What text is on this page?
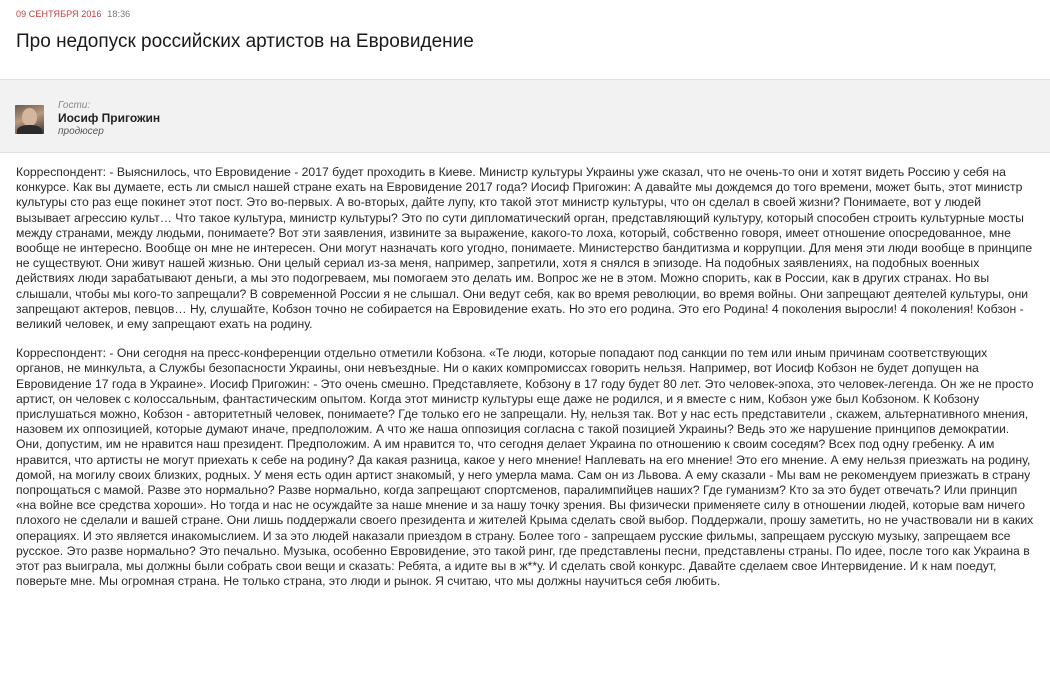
09 СЕНТЯБРЯ 2016 18:36
Про недопуск российских артистов на Евровидение
Гости:
Иосиф Пригожин
продюсер

Корреспондент: - Выяснилось, что Евровидение - 2017 будет проходить в Киеве. Министр культуры Украины уже сказал, что не очень-то они и хотят видеть Россию у себя на конкурсе. Как вы думаете, есть ли смысл нашей стране ехать на Евровидение 2017 года? Иосиф Пригожин: А давайте мы дождемся до того времени, может быть, этот министр культуры сто раз еще покинет этот пост. Это во-первых. А во-вторых, дайте лупу, кто такой этот министр культуры, что он сделал в своей жизни? Понимаете, вот у людей вызывает агрессию культ… Что такое культура, министр культуры? Это по сути дипломатический орган, представляющий культуру, который способен строить культурные мосты между странами, между людьми, понимаете? Вот эти заявления, извините за выражение, какого-то лоха, который, собственно говоря, имеет отношение опосредованное, мне вообще не интересно. Вообще он мне не интересен. Они могут назначать кого угодно, понимаете. Министерство бандитизма и коррупции. Для меня эти люди вообще в принципе не существуют. Они живут нашей жизнью. Они целый сериал из-за меня, например, запретили, хотя я снялся в эпизоде. На подобных заявлениях, на подобных военных действиях люди зарабатывают деньги, а мы это подогреваем, мы помогаем это делать им. Вопрос же не в этом. Можно спорить, как в России, как в других странах. Но вы слышали, чтобы мы кого-то запрещали? В современной России я не слышал. Они ведут себя, как во время революции, во время войны. Они запрещают деятелей культуры, они запрещают актеров, певцов… Ну, слушайте, Кобзон точно не собирается на Евровидение ехать. Но это его родина. Это его Родина! 4 поколения выросли! 4 поколения! Кобзон - великий человек, и ему запрещают ехать на родину.

Корреспондент: - Они сегодня на пресс-конференции отдельно отметили Кобзона. «Те люди, которые попадают под санкции по тем или иным причинам соответствующих органов, не минкульта, а Службы безопасности Украины, они невъездные. Ни о каких компромиссах говорить нельзя. Например, вот Иосиф Кобзон не будет допущен на Евровидение 17 года в Украине». Иосиф Пригожин: - Это очень смешно. Представляете, Кобзону в 17 году будет 80 лет. Это человек-эпоха, это человек-легенда. Он же не просто артист, он человек с колоссальным, фантастическим опытом. Когда этот министр культуры еще даже не родился, и я вместе с ним, Кобзон уже был Кобзоном. К Кобзону прислушаться можно, Кобзон - авторитетный человек, понимаете? Где только его не запрещали. Ну, нельзя так. Вот у нас есть представители , скажем, альтернативного мнения, назовем их оппозицией, которые думают иначе, предположим. А что же наша оппозиция согласна с такой позицией Украины? Ведь это же нарушение принципов демократии. Они, допустим, им не нравится наш президент. Предположим. А им нравится то, что сегодня делает Украина по отношению к своим соседям? Всех под одну гребенку. А им нравится, что артисты не могут приехать к себе на родину? Да какая разница, какое у него мнение! Наплевать на его мнение! Это его мнение. А ему нельзя приезжать на родину, домой, на могилу своих близких, родных. У меня есть один артист знакомый, у него умерла мама. Сам он из Львова. А ему сказали - Мы вам не рекомендуем приезжать в страну попрощаться с мамой. Разве это нормально? Разве нормально, когда запрещают спортсменов, паралимпийцев наших? Где гуманизм? Кто за это будет отвечать? Или принцип «на войне все средства хороши». Но тогда и нас не осуждайте за наше мнение и за нашу точку зрения. Вы физически применяете силу в отношении людей, которые вам ничего плохого не сделали и вашей стране. Они лишь поддержали своего президента и жителей Крыма сделать свой выбор. Поддержали, прошу заметить, но не участвовали ни в каких операциях. И это является инакомыслием. И за это людей наказали приездом в страну. Более того - запрещаем русские фильмы, запрещаем русскую музыку, запрещаем все русское. Это разве нормально? Это печально. Музыка, особенно Евровидение, это такой ринг, где представлены песни, представлены страны. По идее, после того как Украина в этот раз выиграла, мы должны были собрать свои вещи и сказать: Ребята, а идите вы в ж**у. И сделать свой конкурс. Давайте сделаем свое Интервидение. И к нам поедут, поверьте мне. Мы огромная страна. Не только страна, это люди и рынок. Я считаю, что мы должны научиться себя любить.
